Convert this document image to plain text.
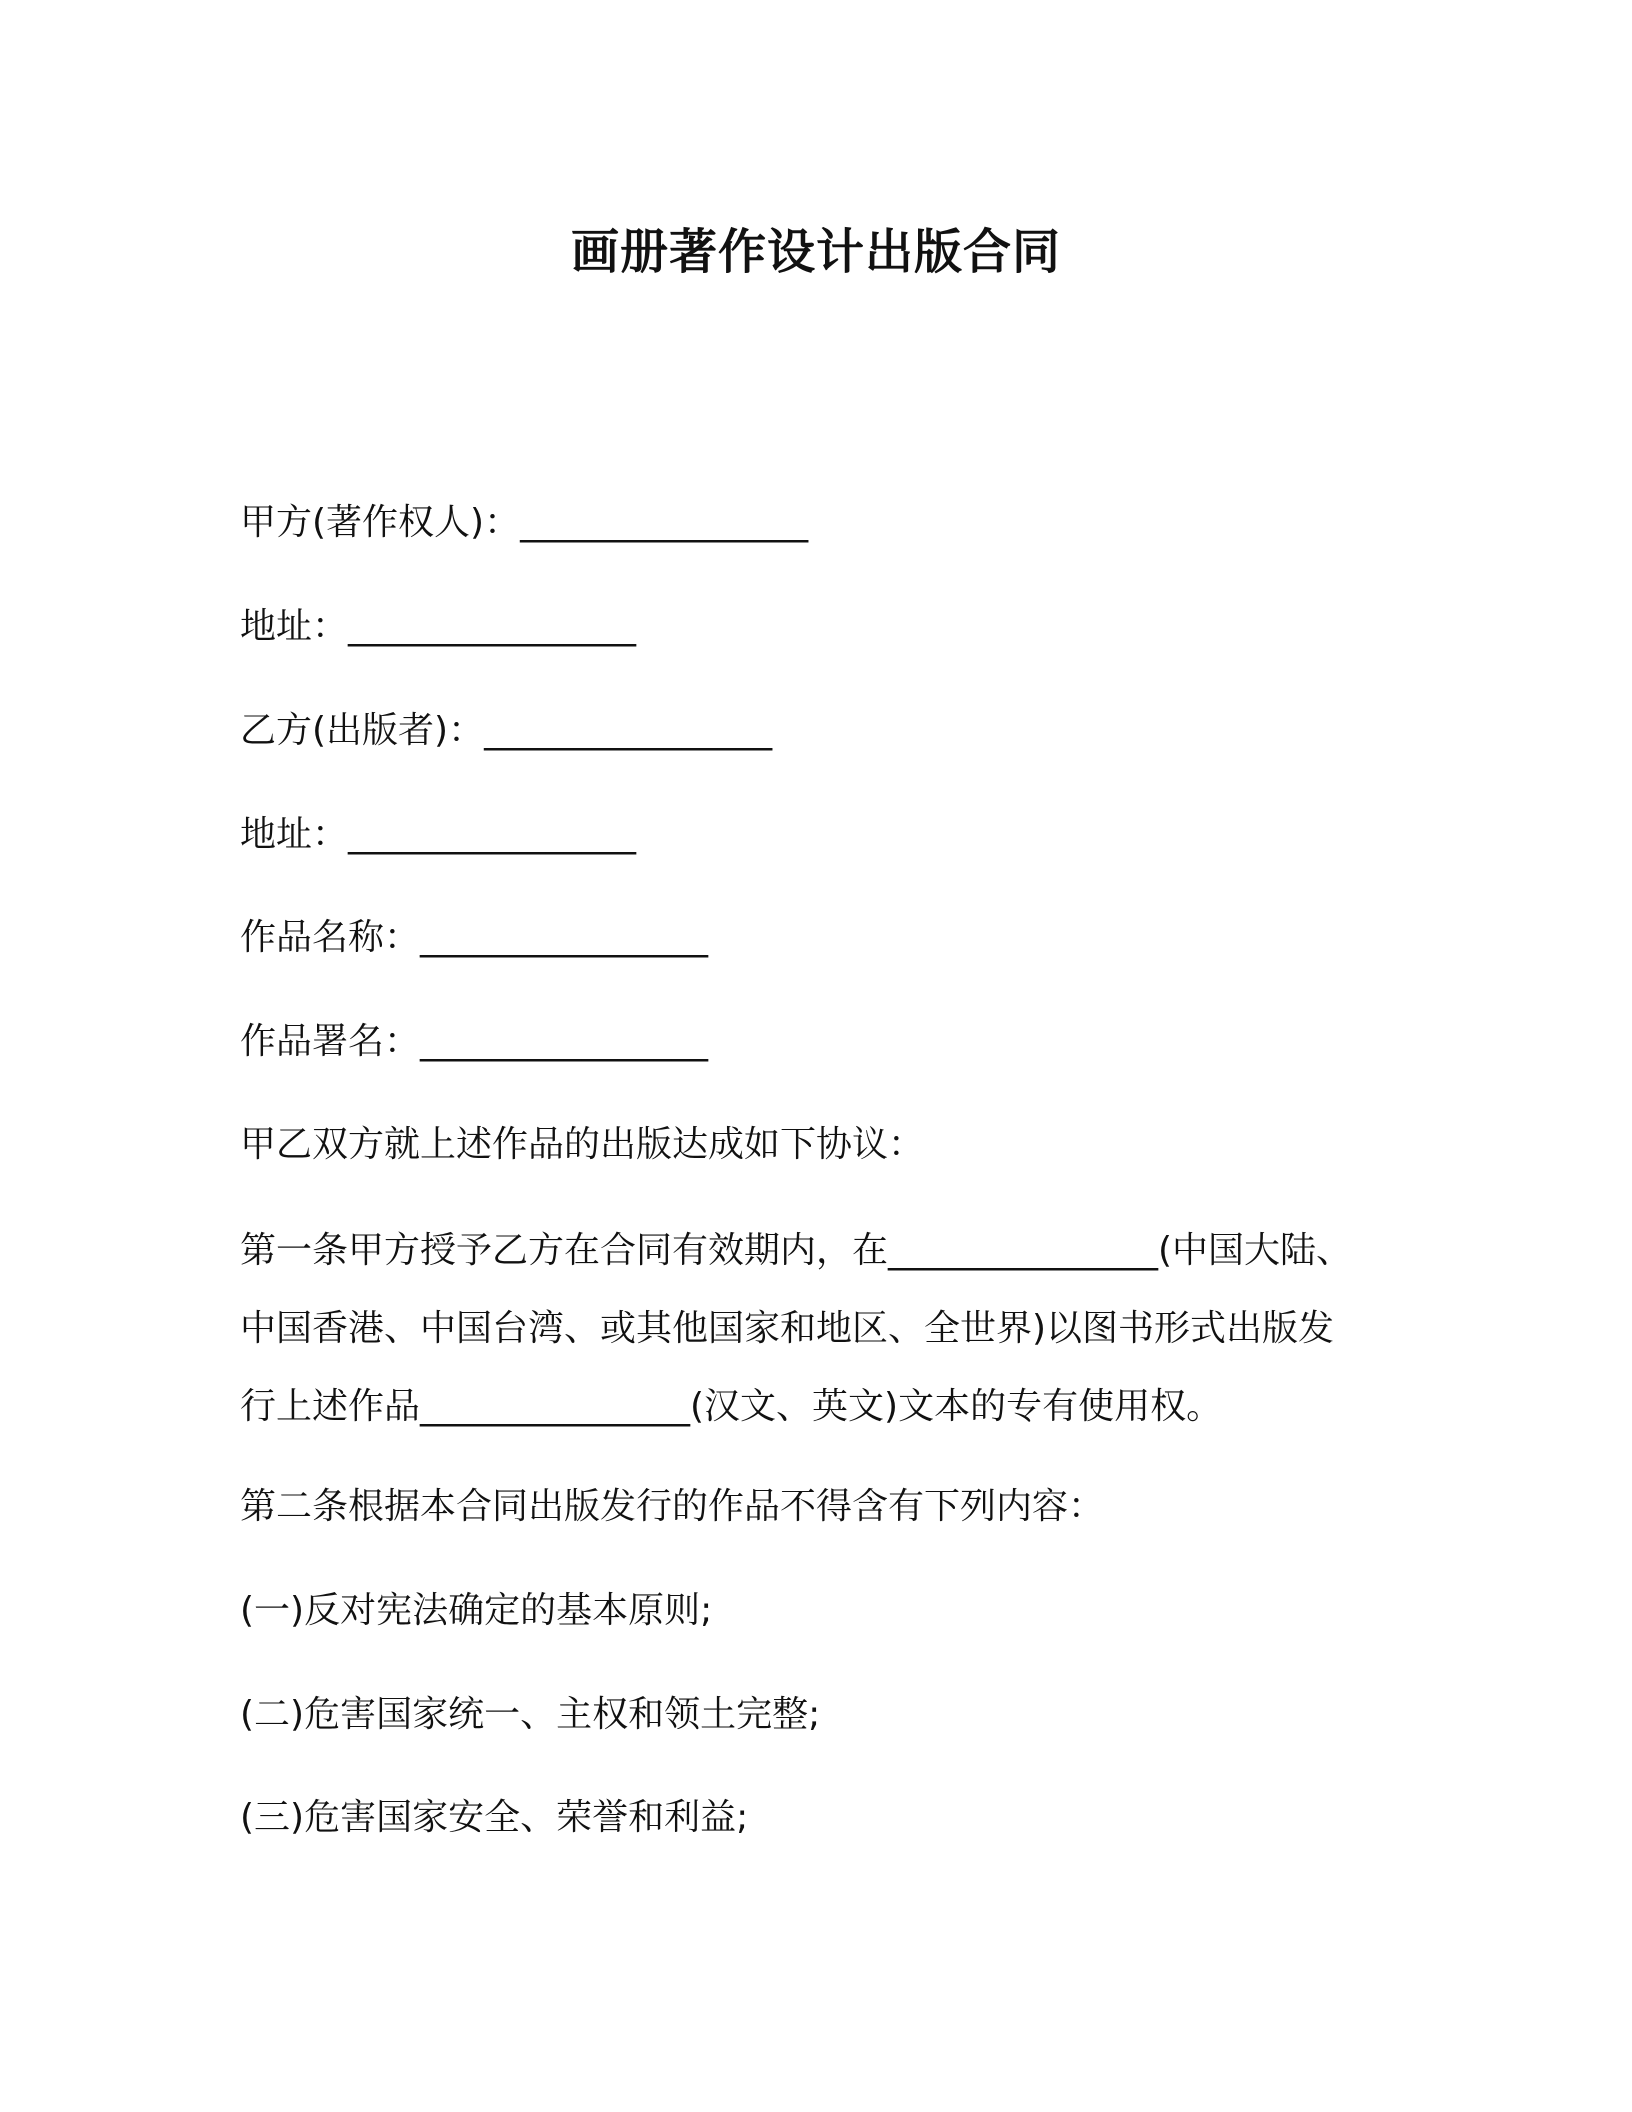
画册著作设计出版合同
甲方(著作权人)：________________
地址：________________
乙方(出版者)：________________
地址：________________
作品名称：________________
作品署名：________________
甲乙双方就上述作品的出版达成如下协议：
第一条甲方授予乙方在合同有效期内，在_______________(中国大陆、
中国香港、中国台湾、或其他国家和地区、全世界)以图书形式出版发
行上述作品_______________(汉文、英文)文本的专有使用权。
第二条根据本合同出版发行的作品不得含有下列内容：
(一)反对宪法确定的基本原则;
(二)危害国家统一、主权和领土完整;
(三)危害国家安全、荣誉和利益;
